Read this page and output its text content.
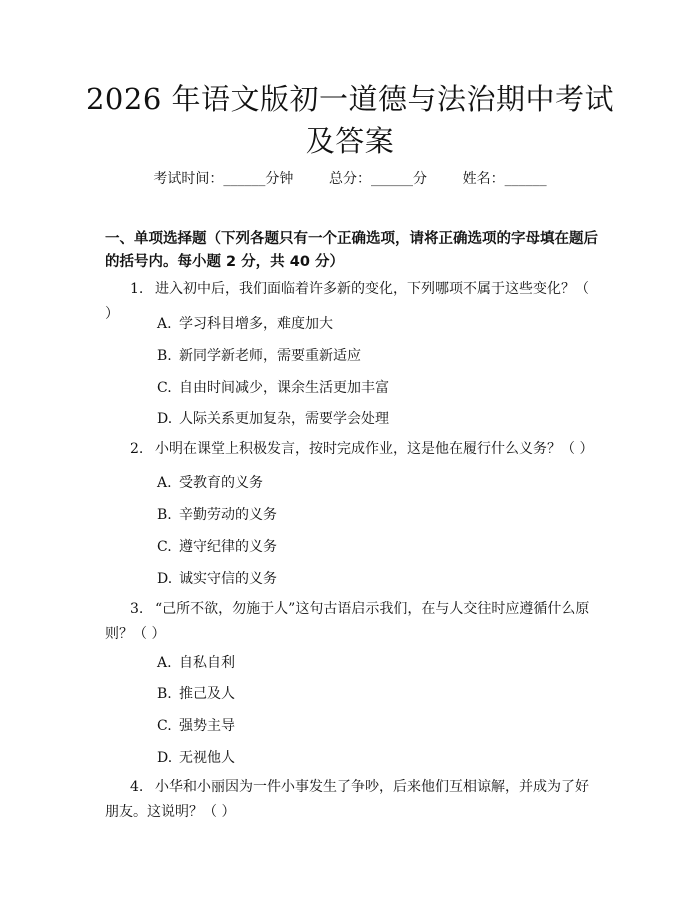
2026 年语文版初一道德与法治期中考试及答案
考试时间：______分钟	总分：______分	姓名：______
一、单项选择题（下列各题只有一个正确选项，请将正确选项的字母填在题后的括号内。每小题 2 分，共 40 分）
1. 进入初中后，我们面临着许多新的变化，下列哪项不属于这些变化？（ ）
A. 学习科目增多，难度加大
B. 新同学新老师，需要重新适应
C. 自由时间减少，课余生活更加丰富
D. 人际关系更加复杂，需要学会处理
2. 小明在课堂上积极发言，按时完成作业，这是他在履行什么义务？（ ）
A. 受教育的义务
B. 辛勤劳动的义务
C. 遵守纪律的义务
D. 诚实守信的义务
3. “己所不欲，勿施于人”这句古语启示我们，在与人交往时应遵循什么原则？（ ）
A. 自私自利
B. 推己及人
C. 强势主导
D. 无视他人
4. 小华和小丽因为一件小事发生了争吵，后来他们互相谅解，并成为了好朋友。这说明？（ ）
